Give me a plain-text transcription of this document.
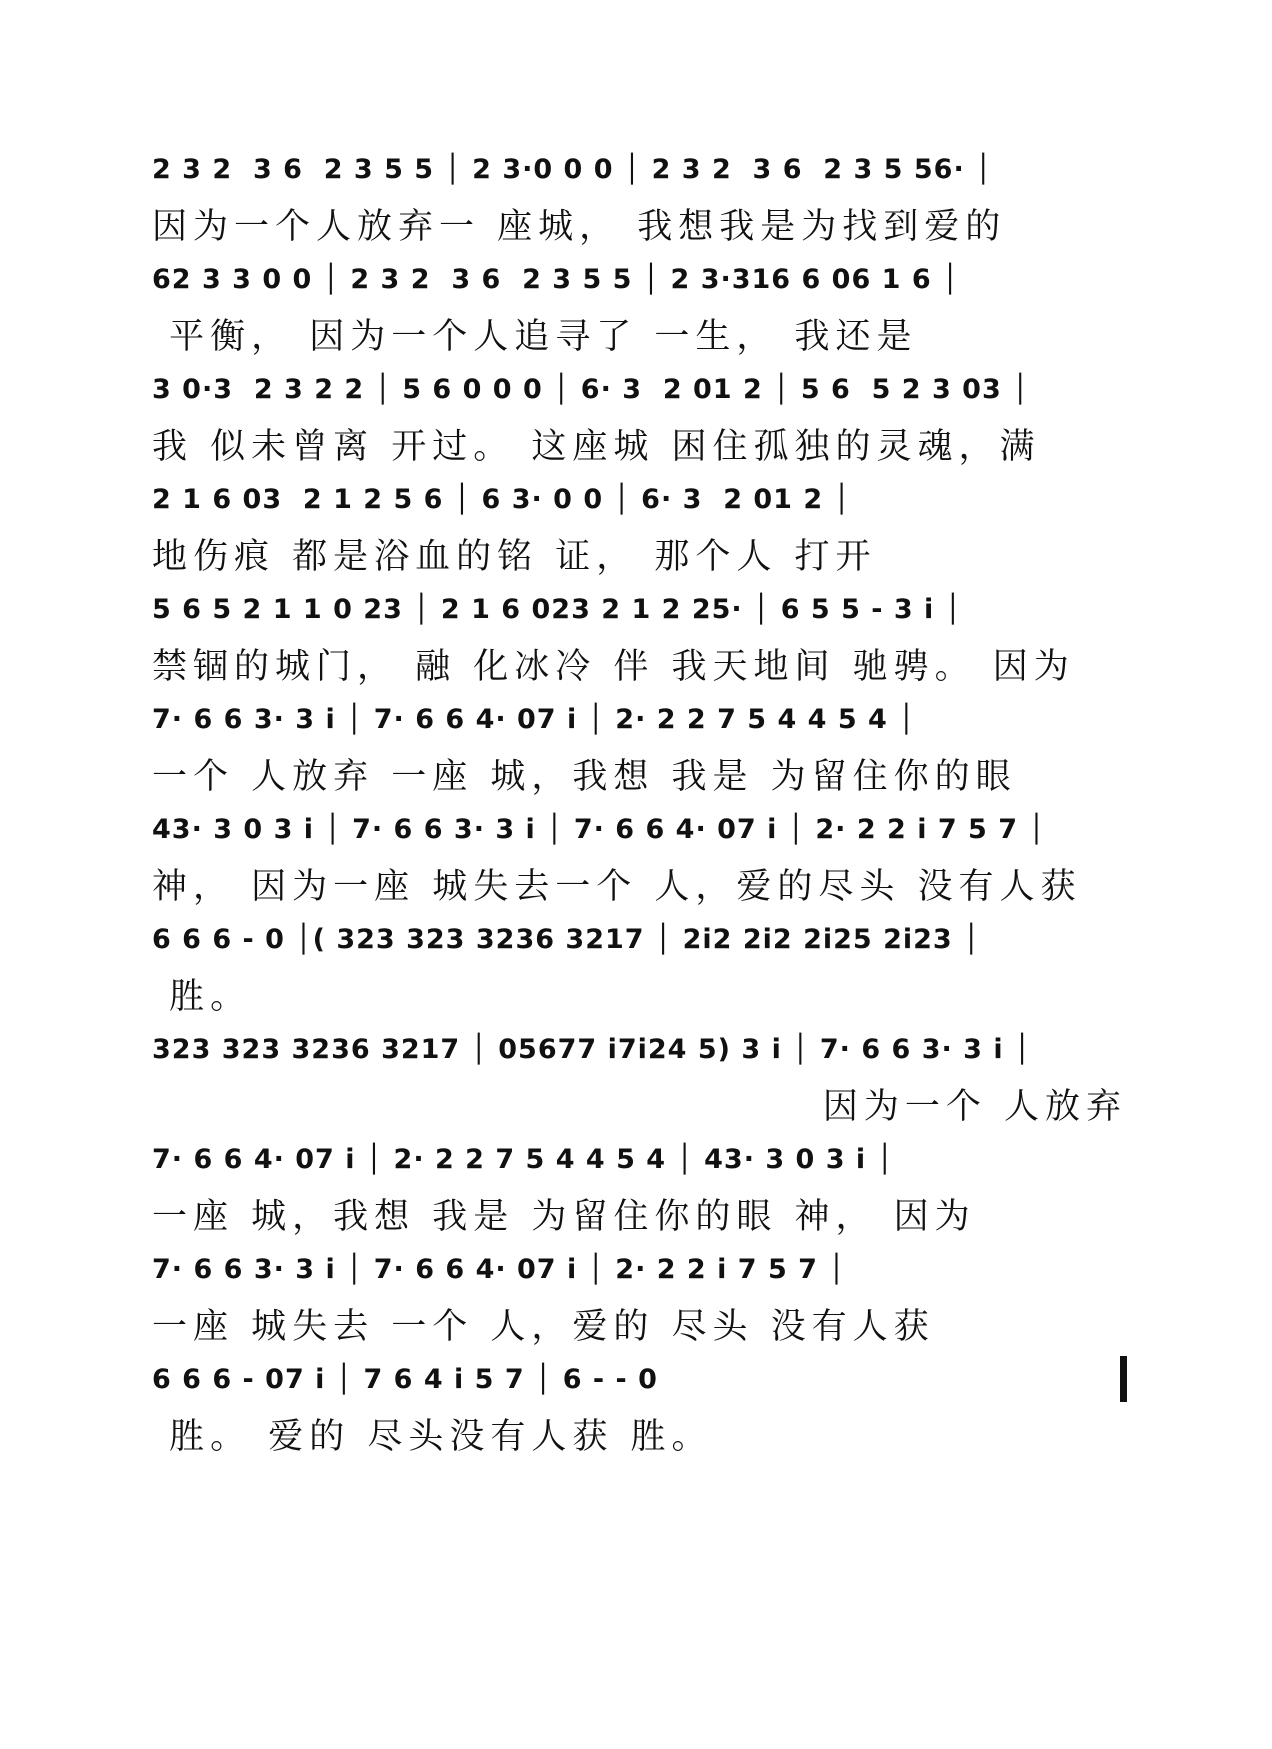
2 3 2  3 6  2 3 5 5 │ 2 3·0 0 0 │ 2 3 2  3 6  2 3 5 56· │
因为一个人放弃一 座城， 我想我是为找到爱的
62 3 3 0 0 │ 2 3 2  3 6  2 3 5 5 │ 2 3·316 6 06 1 6 │
平衡， 因为一个人追寻了 一生， 我还是
3 0·3  2 3 2 2 │ 5 6 0 0 0 │ 6· 3  2 01 2 │ 5 6  5 2 3 03 │
我 似未曾离 开过。 这座城 困住孤独的灵魂，满
2 1 6 03  2 1 2 5 6 │ 6 3· 0 0 │ 6· 3  2 01 2 │
地伤痕 都是浴血的铭 证， 那个人 打开
5 6 5 2 1 1 0 23 │ 2 1 6 023 2 1 2 25· │ 6 5 5 - 3 i │
禁锢的城门， 融 化冰冷 伴 我天地间 驰骋。 因为
7· 6 6 3· 3 i │ 7· 6 6 4· 07 i │ 2· 2 2 7 5 4 4 5 4 │
一个 人放弃 一座 城，我想 我是 为留住你的眼
43· 3 0 3 i │ 7· 6 6 3· 3 i │ 7· 6 6 4· 07 i │ 2· 2 2 i 7 5 7 │
神， 因为一座 城失去一个 人，爱的尽头 没有人获
6 6 6 - 0 │( 323 323 3236 3217 │ 2i2 2i2 2i25 2i23 │
胜。
323 323 3236 3217 │ 05677 i7i24 5) 3 i │ 7· 6 6 3· 3 i │
因为一个 人放弃
7· 6 6 4· 07 i │ 2· 2 2 7 5 4 4 5 4 │ 43· 3 0 3 i │
一座 城，我想 我是 为留住你的眼 神， 因为
7· 6 6 3· 3 i │ 7· 6 6 4· 07 i │ 2· 2 2 i 7 5 7 │
一座 城失去 一个 人，爱的 尽头 没有人获
6 6 6 - 07 i │ 7 6 4 i 5 7 │ 6 - - 0
胜。 爱的 尽头没有人获 胜。
